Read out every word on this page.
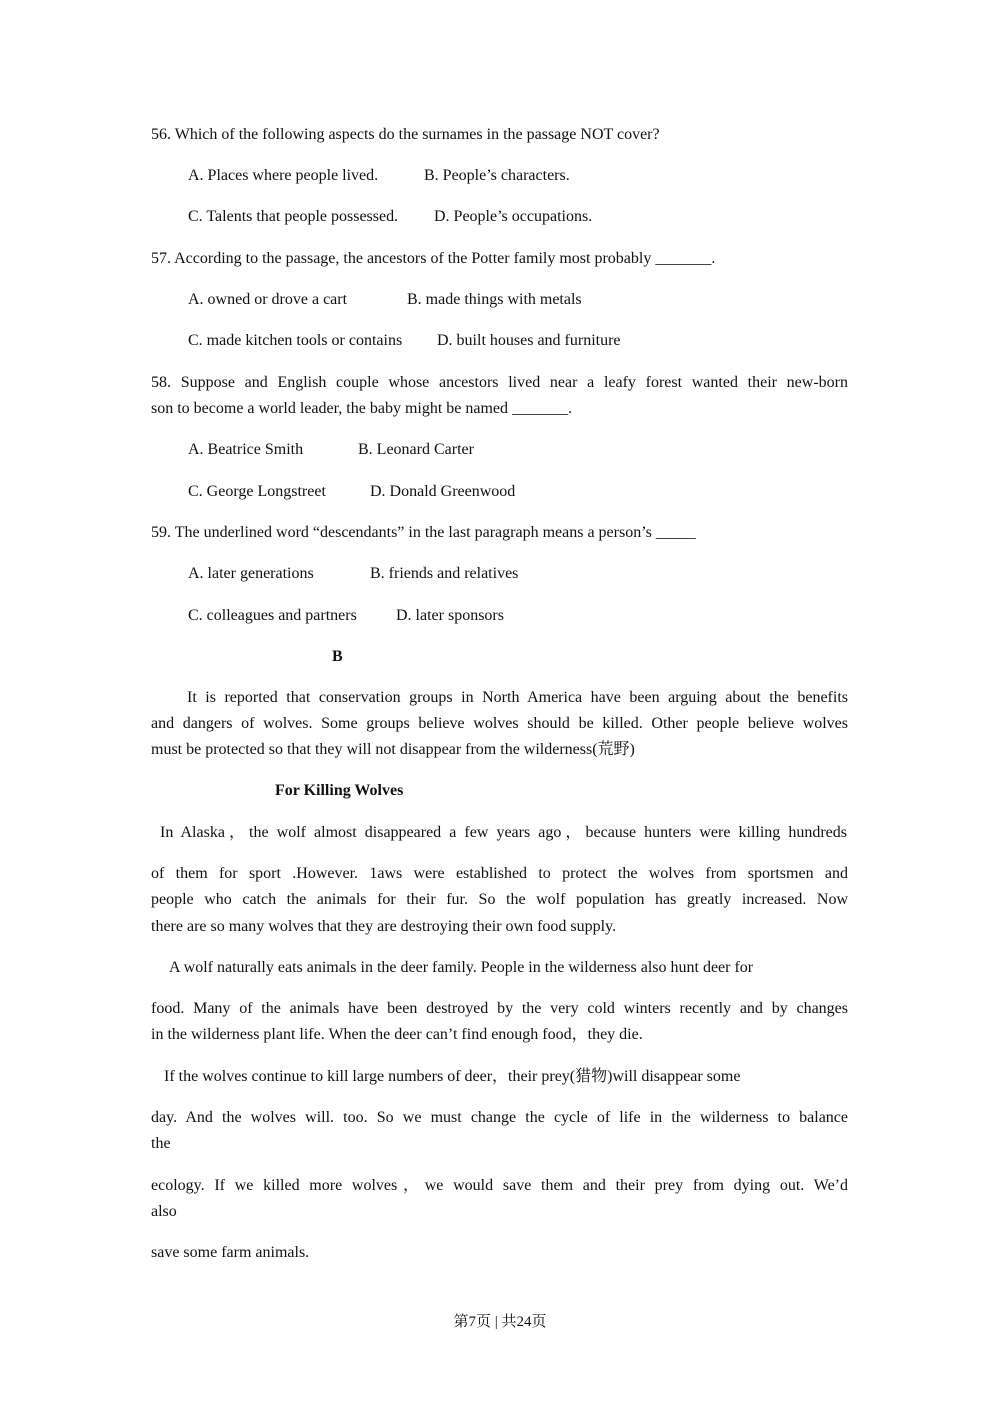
56. Which of the following aspects do the surnames in the passage NOT cover?
A. Places where people lived.	B. People’s characters.
C. Talents that people possessed. D. People’s occupations.
57. According to the passage, the ancestors of the Potter family most probably _______.
A. owned or drove a cart	B. made things with metals
C. made kitchen tools or contains D. built houses and furniture
58. Suppose and English couple whose ancestors lived near a leafy forest wanted their new-born
son to become a world leader, the baby might be named _______.
A. Beatrice Smith	B. Leonard Carter
C. George Longstreet	D. Donald Greenwood
59. The underlined word “descendants” in the last paragraph means a person’s _____
A. later generations	B. friends and relatives
C. colleagues and partners D. later sponsors
B
It is reported that conservation groups in North America have been arguing about the benefits
and dangers of wolves. Some groups believe wolves should be killed. Other people believe wolves
must be protected so that they will not disappear from the wilderness(荒野)
For Killing Wolves
In Alaska，the wolf almost disappeared a few years ago，because hunters were killing hundreds
of them for sport .However. 1aws were established to protect the wolves from sportsmen and
people who catch the animals for their fur. So the wolf population has greatly increased. Now
there are so many wolves that they are destroying their own food supply.
A wolf naturally eats animals in the deer family. People in the wilderness also hunt deer for
food. Many of the animals have been destroyed by the very cold winters recently and by changes
in the wilderness plant life. When the deer can’t find enough food，they die.
If the wolves continue to kill large numbers of deer，their prey(猎物)will disappear some
day. And the wolves will. too. So we must change the cycle of life in the wilderness to balance
the
ecology. If we killed more wolves，we would save them and their prey from dying out. We’d
also
save some farm animals.
第7页 | 共24页
